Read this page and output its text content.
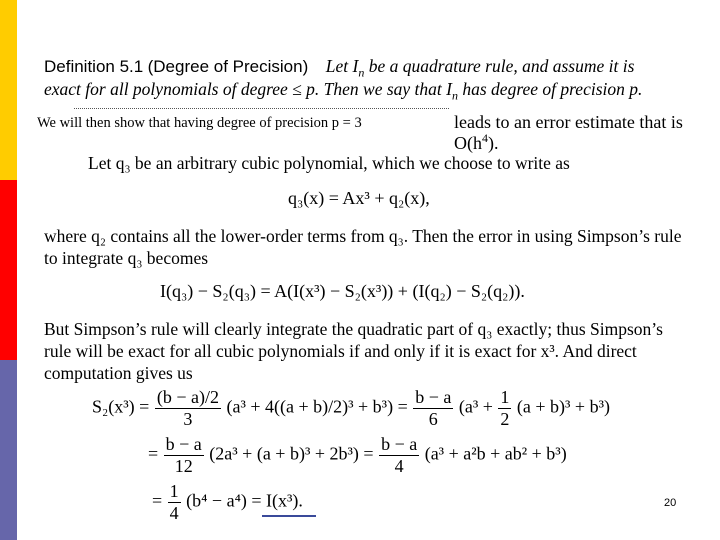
Definition 5.1 (Degree of Precision) Let $I_n$ be a quadrature rule, and assume it is
exact for all polynomials of degree ≤ p. Then we say that $I_n$ has degree of precision p.
We will then show that having degree of precision p = 3	leads to an error estimate that is $O(h^4)$.
Let q₃ be an arbitrary cubic polynomial, which we choose to write as
q₃(x) = Ax³ + q₂(x),
where q₂ contains all the lower-order terms from q₃. Then the error in using Simpson’s rule to integrate q₃ becomes
I(q₃) − S₂(q₃) = A(I(x³) − S₂(x³)) + (I(q₂) − S₂(q₂)).
But Simpson’s rule will clearly integrate the quadratic part of q₃ exactly; thus Simpson’s rule will be exact for all cubic polynomials if and only if it is exact for x³. And direct computation gives us
$S_2(x^3) = \frac{(b - a)/2}{3} (a^3 + 4((a + b)/2)^3 + b^3) = \frac{b - a}{6} (a^3 + \frac{1}{2} (a + b)^3 + b^3)$
= $\frac{b - a}{12} (2a^3 + (a + b)^3 + 2b^3) = \frac{b - a}{4} (a^3 + a^2b + ab^2 + b^3)$
= $\frac{1}{4} (b^4 - a^4) = I(x^3)$.	20
